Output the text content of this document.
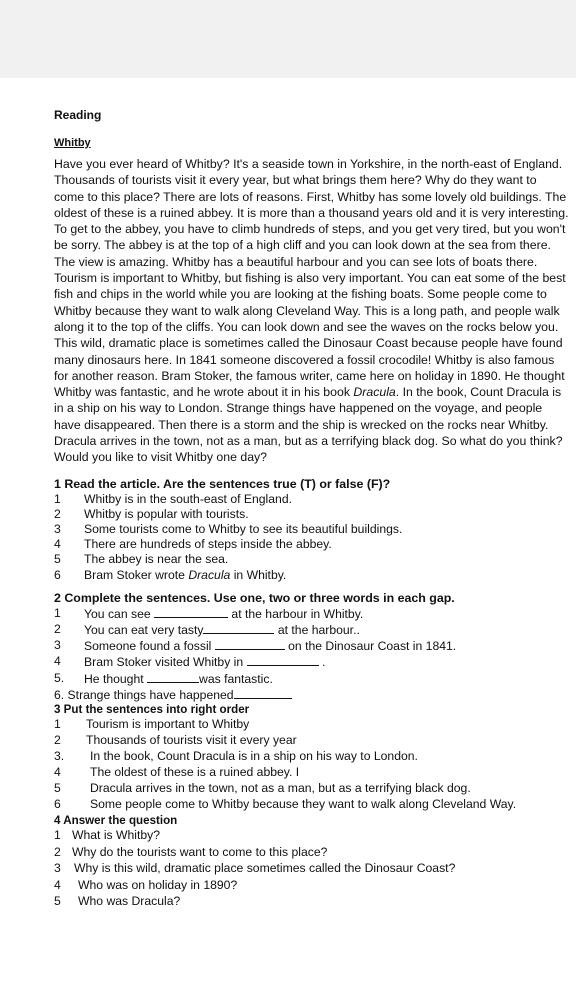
Reading

Whitby

Have you ever heard of Whitby? It's a seaside town in Yorkshire, in the north-east of England. Thousands of tourists visit it every year, but what brings them here? Why do they want to come to this place? There are lots of reasons. First, Whitby has some lovely old buildings. The oldest of these is a ruined abbey. It is more than a thousand years old and it is very interesting. To get to the abbey, you have to climb hundreds of steps, and you get very tired, but you won't be sorry. The abbey is at the top of a high cliff and you can look down at the sea from there. The view is amazing. Whitby has a beautiful harbour and you can see lots of boats there. Tourism is important to Whitby, but fishing is also very important. You can eat some of the best fish and chips in the world while you are looking at the fishing boats. Some people come to Whitby because they want to walk along Cleveland Way. This is a long path, and people walk along it to the top of the cliffs. You can look down and see the waves on the rocks below you. This wild, dramatic place is sometimes called the Dinosaur Coast because people have found many dinosaurs here. In 1841 someone discovered a fossil crocodile! Whitby is also famous for another reason. Bram Stoker, the famous writer, came here on holiday in 1890. He thought Whitby was fantastic, and he wrote about it in his book Dracula. In the book, Count Dracula is in a ship on his way to London. Strange things have happened on the voyage, and people have disappeared. Then there is a storm and the ship is wrecked on the rocks near Whitby. Dracula arrives in the town, not as a man, but as a terrifying black dog. So what do you think? Would you like to visit Whitby one day?

1 Read the article. Are the sentences true (T) or false (F)?

1	Whitby is in the south-east of England.
2	Whitby is popular with tourists.
3	Some tourists come to Whitby to see its beautiful buildings.
4	There are hundreds of steps inside the abbey.
5	The abbey is near the sea.
6	Bram Stoker wrote Dracula in Whitby.

2 Complete the sentences. Use one, two or three words in each gap.

1	You can see	at the harbour in Whitby.
2	You can eat very tasty	at the harbour..
3	Someone found a fossil	on the Dinosaur Coast in 1841.
4	Bram Stoker visited Whitby in	.
5.	He thought	was fantastic.
6. Strange things have happened

3 Put the sentences into right order

1	Tourism is important to Whitby
2	Thousands of tourists visit it every year
3.	In the book, Count Dracula is in a ship on his way to London.
4	The oldest of these is a ruined abbey. I
5	Dracula arrives in the town, not as a man, but as a terrifying black dog.
6	Some people come to Whitby because they want to walk along Cleveland Way.

4 Answer the question

1 What is Whitby?
2 Why do the tourists want to come to this place?
3	Why is this wild, dramatic place sometimes called the Dinosaur Coast?
4	Who was on holiday in 1890?
5	Who was Dracula?
